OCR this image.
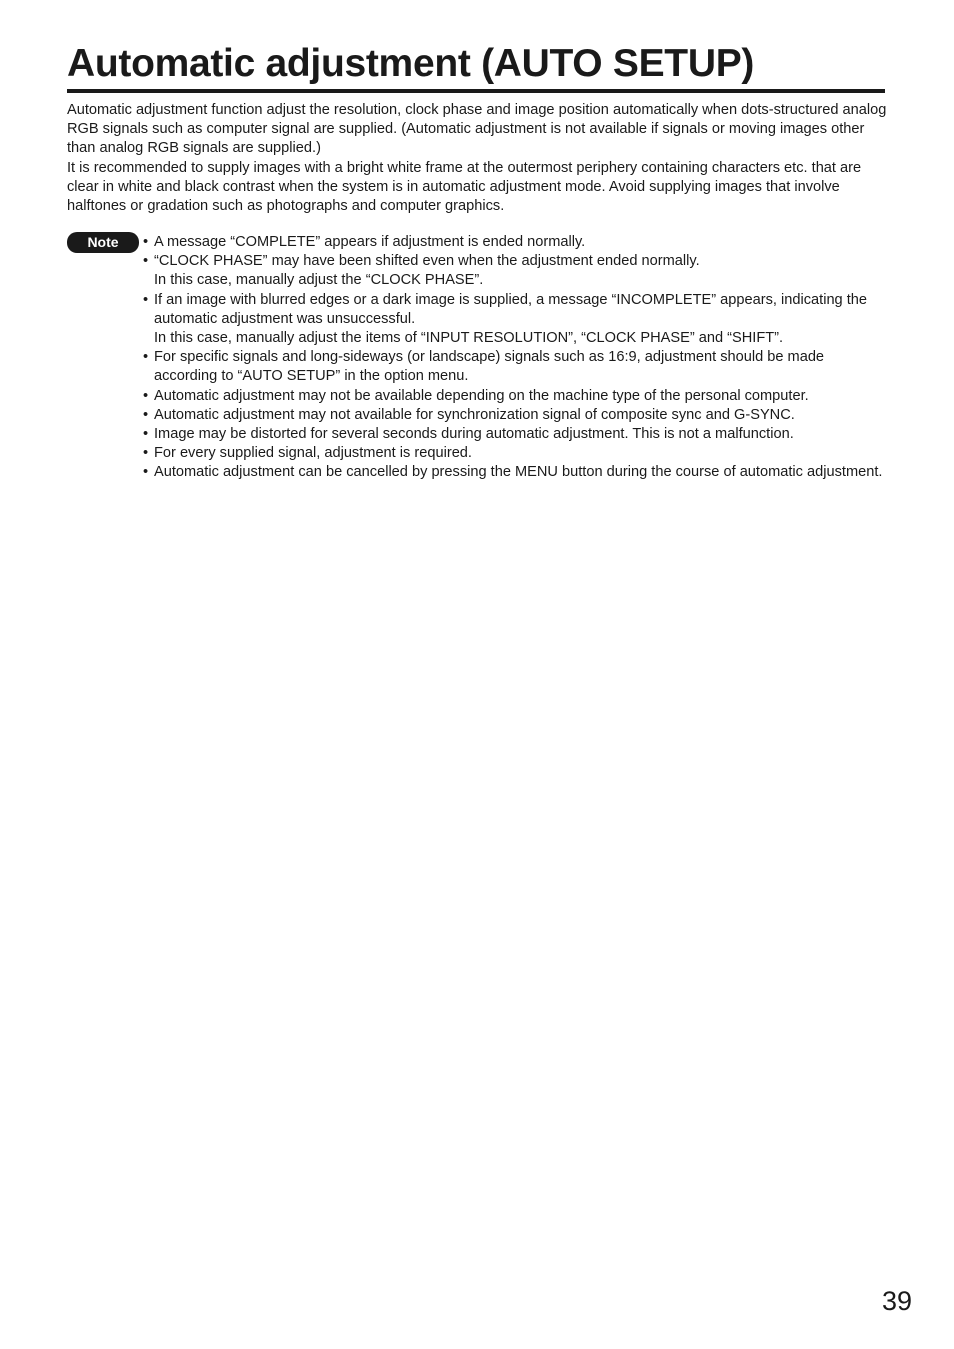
Automatic adjustment (AUTO SETUP)

Automatic adjustment function adjust the resolution, clock phase and image position automatically when dots-structured analog RGB signals such as computer signal are supplied. (Automatic adjustment is not available if signals or moving images other than analog RGB signals are supplied.)

It is recommended to supply images with a bright white frame at the outermost periphery containing characters etc. that are clear in white and black contrast when the system is in automatic adjustment mode. Avoid supplying images that involve halftones or gradation such as photographs and computer graphics.

Note
•	A message “COMPLETE” appears if adjustment is ended normally.
• “CLOCK PHASE” may have been shifted even when the adjustment ended normally.
In this case, manually adjust the “CLOCK PHASE”.
• If an image with blurred edges or a dark image is supplied, a message “INCOMPLETE” appears, indicating the automatic adjustment was unsuccessful.
In this case, manually adjust the items of “INPUT RESOLUTION”, “CLOCK PHASE” and “SHIFT”.
• For specific signals and long-sideways (or landscape) signals such as 16:9, adjustment should be made according to “AUTO SETUP” in the option menu.
• Automatic adjustment may not be available depending on the machine type of the personal computer.
• Automatic adjustment may not available for synchronization signal of composite sync and G-SYNC.
• Image may be distorted for several seconds during automatic adjustment. This is not a malfunction.
• For every supplied signal, adjustment is required.
• Automatic adjustment can be cancelled by pressing the MENU button during the course of automatic adjustment.
39
